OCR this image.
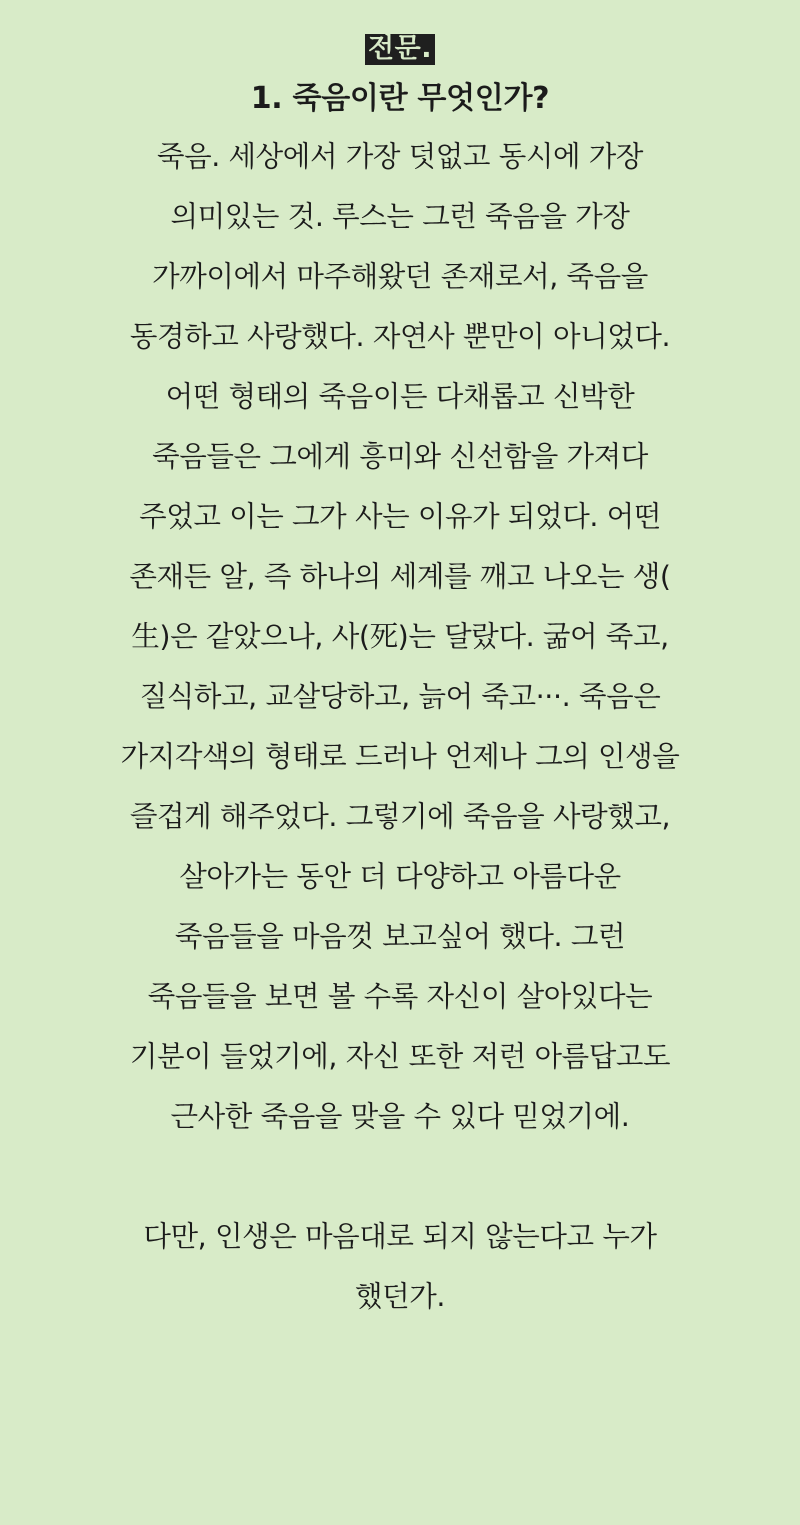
전문.
1. 죽음이란 무엇인가?

죽음. 세상에서 가장 덧없고 동시에 가장
의미있는 것. 루스는 그런 죽음을 가장
가까이에서 마주해왔던 존재로서, 죽음을
동경하고 사랑했다. 자연사 뿐만이 아니었다.
어떤 형태의 죽음이든 다채롭고 신박한
죽음들은 그에게 흥미와 신선함을 가져다
주었고 이는 그가 사는 이유가 되었다. 어떤
존재든 알, 즉 하나의 세계를 깨고 나오는 생(
生)은 같았으나, 사(死)는 달랐다. 굶어 죽고,
질식하고, 교살당하고, 늙어 죽고···. 죽음은
가지각색의 형태로 드러나 언제나 그의 인생을
즐겁게 해주었다. 그렇기에 죽음을 사랑했고,
살아가는 동안 더 다양하고 아름다운
죽음들을 마음껏 보고싶어 했다. 그런
죽음들을 보면 볼 수록 자신이 살아있다는
기분이 들었기에, 자신 또한 저런 아름답고도
근사한 죽음을 맞을 수 있다 믿었기에.

다만, 인생은 마음대로 되지 않는다고 누가
했던가.
